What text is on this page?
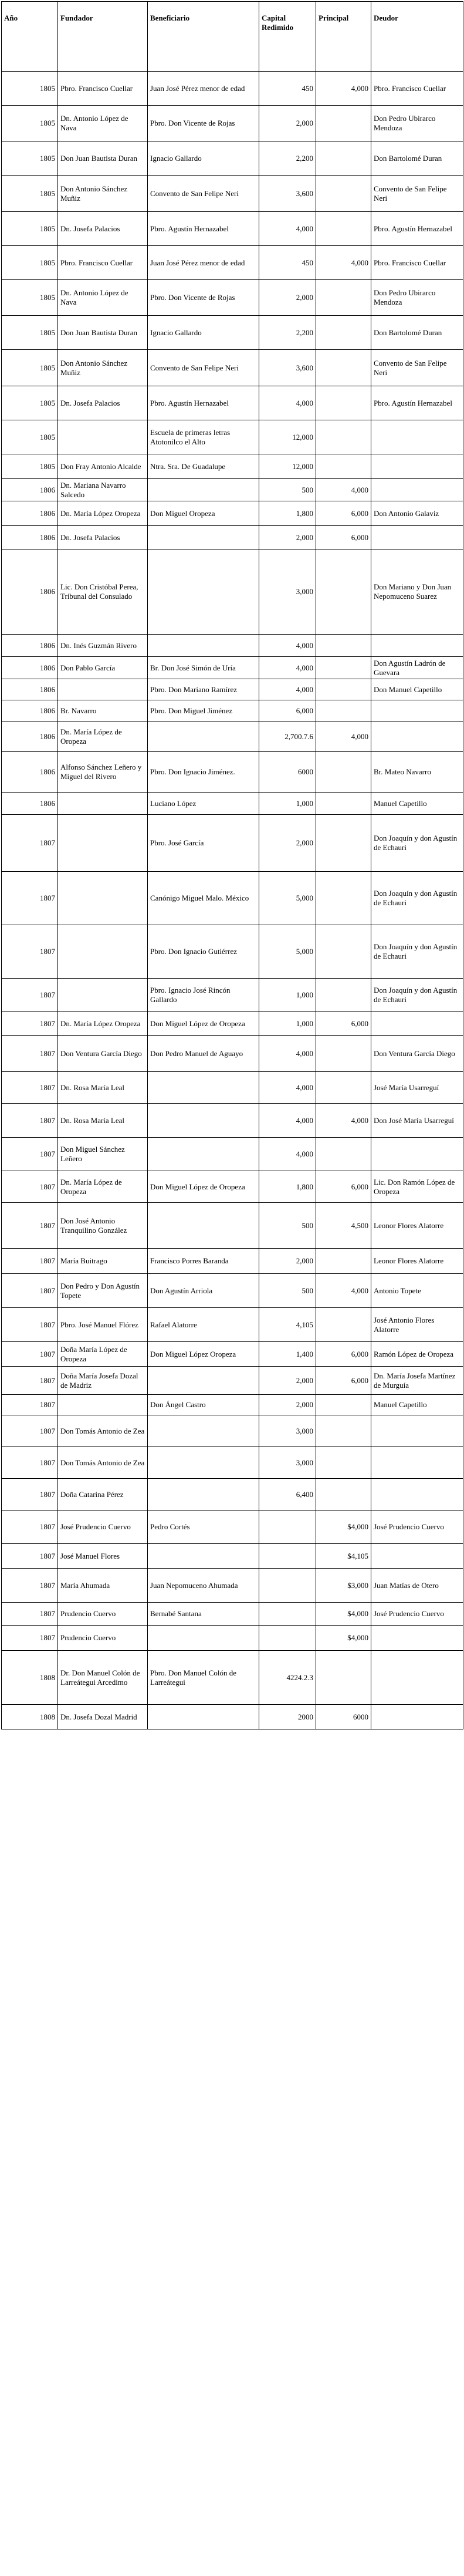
Año	Fundador	Beneficiario	Capital Redimido	Principal	Deudor
1805	Pbro. Francisco Cuellar	Juan José Pérez menor de edad	450	4,000	Pbro. Francisco Cuellar
1805	Dn. Antonio López de Nava	Pbro. Don Vicente de Rojas	2,000		Don Pedro Ubirarco Mendoza
1805	Don Juan Bautista Duran	Ignacio Gallardo	2,200		Don Bartolomé Duran
1805	Don Antonio Sánchez Muñiz	Convento de San Felipe Neri	3,600		Convento de San Felipe Neri
1805	Dn. Josefa Palacios	Pbro. Agustín Hernazabel	4,000		Pbro. Agustín Hernazabel
1805	Pbro. Francisco Cuellar	Juan José Pérez menor de edad	450	4,000	Pbro. Francisco Cuellar
1805	Dn. Antonio López de Nava	Pbro. Don Vicente de Rojas	2,000		Don Pedro Ubirarco Mendoza
1805	Don Juan Bautista Duran	Ignacio Gallardo	2,200		Don Bartolomé Duran
1805	Don Antonio Sánchez Muñiz	Convento de San Felipe Neri	3,600		Convento de San Felipe Neri
1805	Dn. Josefa Palacios	Pbro. Agustín Hernazabel	4,000		Pbro. Agustín Hernazabel
1805		Escuela de primeras letras Atotonilco el Alto	12,000		
1805	Don Fray Antonio Alcalde	Ntra. Sra. De Guadalupe	12,000		
1806	Dn. Mariana Navarro Salcedo		500	4,000	
1806	Dn. María López Oropeza	Don Miguel Oropeza	1,800	6,000	Don Antonio Galaviz
1806	Dn. Josefa Palacios		2,000	6,000	
1806	Lic. Don Cristóbal Perea, Tribunal del Consulado		3,000		Don Mariano y Don Juan Nepomuceno Suarez
1806	Dn. Inés Guzmán Rivero		4,000		
1806	Don Pablo García	Br. Don José Simón de Uría	4,000		Don Agustín Ladrón de Guevara
1806		Pbro. Don Mariano Ramírez	4,000		Don Manuel Capetillo
1806	Br. Navarro	Pbro. Don Miguel Jiménez	6,000		
1806	Dn. María López de Oropeza		2,700.7.6	4,000	
1806	Alfonso Sánchez Leñero y Miguel del Rivero	Pbro. Don Ignacio Jiménez.	6000		Br. Mateo Navarro
1806		Luciano López	1,000		Manuel Capetillo
1807		Pbro. José García	2,000		Don Joaquín y don Agustín de Echauri
1807		Canónigo Miguel Malo. México	5,000		Don Joaquín y don Agustín de Echauri
1807		Pbro. Don Ignacio Gutiérrez	5,000		Don Joaquín y don Agustín de Echauri
1807		Pbro. Ignacio José Rincón Gallardo	1,000		Don Joaquín y don Agustín de Echauri
1807	Dn. María López Oropeza	Don Miguel López de Oropeza	1,000	6,000	
1807	Don Ventura García Diego	Don Pedro Manuel de Aguayo	4,000		Don Ventura García Diego
1807	Dn. Rosa María Leal		4,000		José María Usarreguí
1807	Dn. Rosa María Leal		4,000	4,000	Don José María Usarreguí
1807	Don Miguel Sánchez Leñero		4,000		
1807	Dn. María López de Oropeza	Don Miguel López de Oropeza	1,800	6,000	Lic. Don Ramón López de Oropeza
1807	Don José Antonio Tranquilino González		500	4,500	Leonor Flores Alatorre
1807	María Buitrago	Francisco Porres Baranda	2,000		Leonor Flores Alatorre
1807	Don Pedro y Don Agustín Topete	Don Agustín Arriola	500	4,000	Antonio Topete
1807	Pbro. José Manuel Flórez	Rafael Alatorre	4,105		José Antonio Flores Alatorre
1807	Doña María López de Oropeza	Don Miguel López Oropeza	1,400	6,000	Ramón López de Oropeza
1807	Doña María Josefa Dozal de Madriz		2,000	6,000	Dn. María Josefa Martínez de Murguía
1807		Don Ángel Castro	2,000		Manuel Capetillo
1807	Don Tomás Antonio de Zea		3,000		
1807	Don Tomás Antonio de Zea		3,000		
1807	Doña Catarina Pérez		6,400		
1807	José Prudencio Cuervo	Pedro Cortés		$4,000	José Prudencio Cuervo
1807	José Manuel Flores			$4,105	
1807	María Ahumada	Juan Nepomuceno Ahumada		$3,000	Juan Matías de Otero
1807	Prudencio Cuervo	Bernabé Santana		$4,000	José Prudencio Cuervo
1807	Prudencio Cuervo			$4,000	
1808	Dr. Don Manuel Colón de Larreátegui Arcedimo	Pbro. Don Manuel Colón de Larreátegui	4224.2.3		
1808	Dn. Josefa Dozal Madrid		2000	6000	
